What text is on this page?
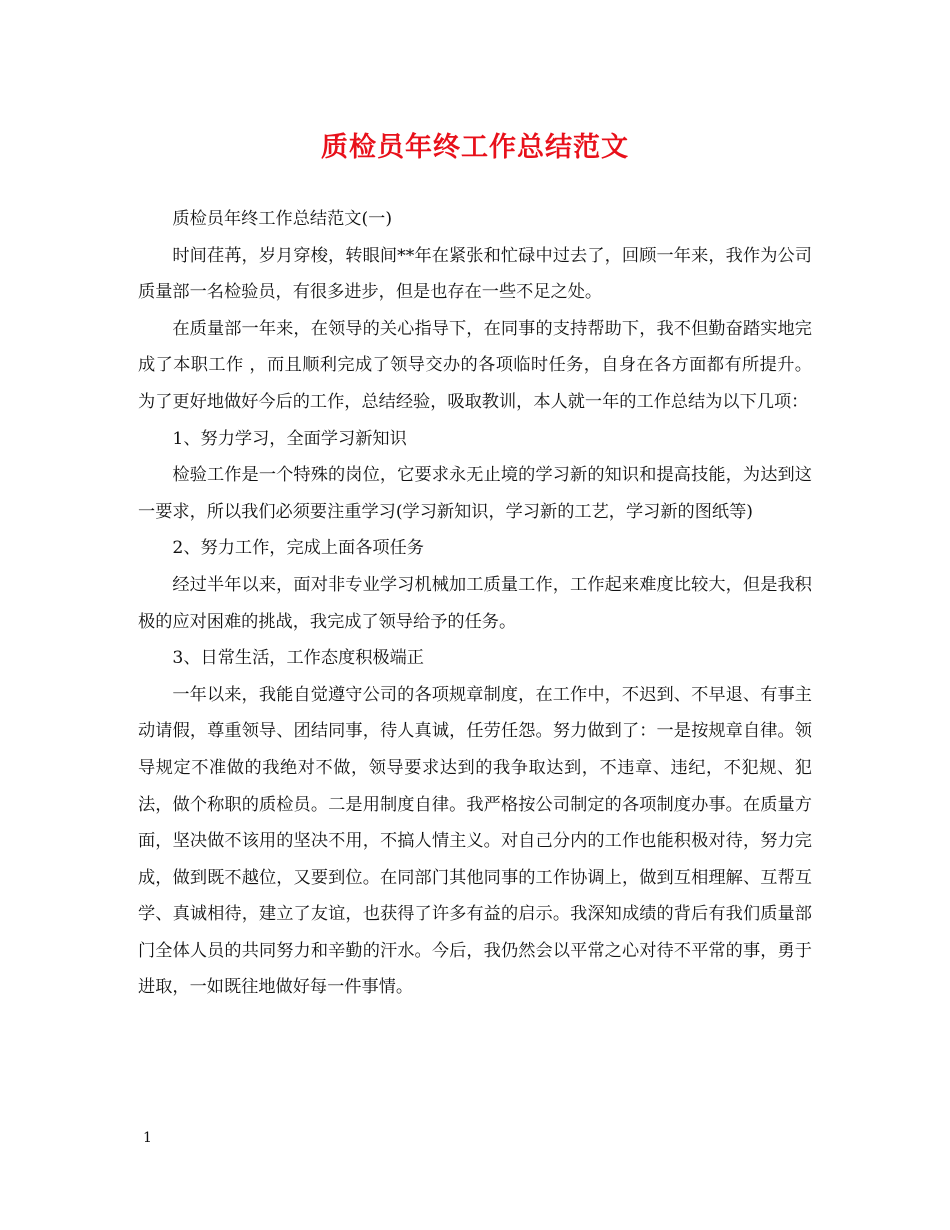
质检员年终工作总结范文

质检员年终工作总结范文(一)

时间荏苒，岁月穿梭，转眼间**年在紧张和忙碌中过去了，回顾一年来，我作为公司质量部一名检验员，有很多进步，但是也存在一些不足之处。

在质量部一年来，在领导的关心指导下，在同事的支持帮助下，我不但勤奋踏实地完成了本职工作 ，而且顺利完成了领导交办的各项临时任务，自身在各方面都有所提升。为了更好地做好今后的工作，总结经验，吸取教训，本人就一年的工作总结为以下几项：

1、努力学习，全面学习新知识

检验工作是一个特殊的岗位，它要求永无止境的学习新的知识和提高技能，为达到这一要求，所以我们必须要注重学习(学习新知识，学习新的工艺，学习新的图纸等)

2、努力工作，完成上面各项任务

经过半年以来，面对非专业学习机械加工质量工作，工作起来难度比较大，但是我积极的应对困难的挑战，我完成了领导给予的任务。

3、日常生活，工作态度积极端正

一年以来，我能自觉遵守公司的各项规章制度，在工作中，不迟到、不早退、有事主动请假，尊重领导、团结同事，待人真诚，任劳任怨。努力做到了：一是按规章自律。领导规定不准做的我绝对不做，领导要求达到的我争取达到，不违章、违纪，不犯规、犯法，做个称职的质检员。二是用制度自律。我严格按公司制定的各项制度办事。在质量方面，坚决做不该用的坚决不用，不搞人情主义。对自己分内的工作也能积极对待，努力完成，做到既不越位，又要到位。在同部门其他同事的工作协调上，做到互相理解、互帮互学、真诚相待，建立了友谊，也获得了许多有益的启示。我深知成绩的背后有我们质量部门全体人员的共同努力和辛勤的汗水。今后，我仍然会以平常之心对待不平常的事，勇于进取，一如既往地做好每一件事情。

1
